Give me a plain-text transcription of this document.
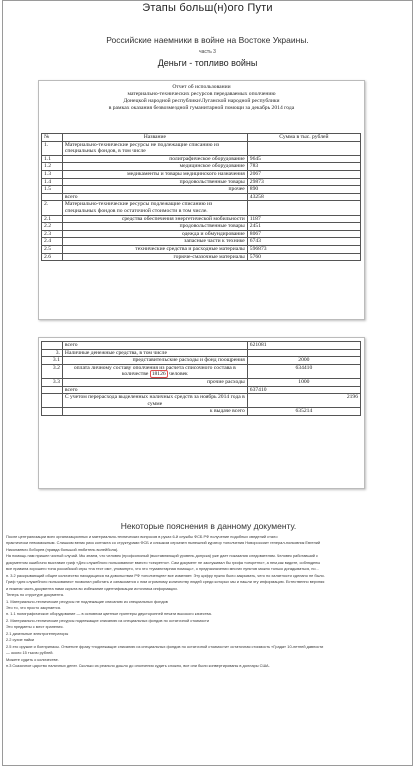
Этапы больш(н)ого Пути
Российские наемники в войне на Востоке Украины.
часть 3
Деньги - топливо войны
Отчет об использовании
материально-технических ресурсов передаваемых ополчению
Донецкой народной республики\Луганской народной республики
в рамках оказания безвозмездной гуманитарной помощи за декабрь 2014 года
№	Название	Сумма в тыс. рублей
1.	Материально-технические ресурсы не подлежащие списанию из специальных фондов, в том числе	
1.1	полиграфическое оборудование	9645
1.2	медицинское оборудование	783
1.3	медикаменты и товары медицинского назначения	2067
1.4	продовольственные товары	29873
1.5	прочее	890
	всего	43258
2.	Материально-технические ресурсы подлежащие списанию из специальных фондов по остаточной стоимости в том числе.	
2.1	средства обеспечения энергетической мобильности	1187
2.2	продовольственные товары	2451
2.3	одежда и обмундирование	8067
2.4	запасные части к технике	6743
2.5	технические средства и расходные материалы	596873
2.6	горюче-смазочные материалы	5760
	всего	621081
3.	Наличные денежные средства, в том числе	
3.1	представительские расходы и фонд поощрения	2000
3.2	оплата личному составу ополчения из расчета списочного состава в количестве 18126 человек	634410
3.3	прочие расходы	1000
	всего	637410
	С учетом перерасхода выделенных наличных средств за ноябрь 2014 года в сумме	2196
	к выдаче всего	635214
Некоторые пояснения в данному документу.

После централизации всех организационных и материально-технических вопросов в руках 6-й службы ФСБ РФ получение подобных сведений стало

практически невозможным. Слишком велик риск контакта со структурами ФСБ и слишком серьезен нынешний куратор «ополчения Новороссии» генерал-полковник Евгений

Николаевич Лоборев (правда большой любитель волейбола).

На помощь нам пришел чистый случай. Мы знаем, что человек (профсоюзный (выставляющий уровень допуска) уже дает показания следователям. Человек работавший с

документом ошибочно выставил гриф «Для служебного пользования» вместо «секретно». Сам документ не заслуживал бы грифа «секретно», а нем,как видите, соблюдены

все правила хорошего тона российской игры «на тест им», упоминуто, что это «гуманитарная помощь», о предназначении многих пунктов можно только догадываться, но...

п. 3.2 раскрывающий общее количество находящихся на довольствии РФ «ополченцев» все изменяет. Эту цифру нужно было закрывать, чего по халатности сделано не было.

Гриф «для служебного пользования» позволил работать и ознакомится с ним огромному количеству людей среди которых мы и нашли эту информацию. Естественно верхняя

и нижняя часть документа нами скрыта во избежание идентификации источника информации.

Теперь по структуре документа.

1. Материально-технические ресурсы не подлежащие списанию из специальных фондов

Это то, что просто закупается.

п. 1.1 полиграфическое оборудование — в основном цветные принтеры двусторонней печати высокого качества.

2. Материально-технические ресурсы подлежащие списанию из специальных фондов по остаточной стоимости

Это предметы с мест хранения.

2.1 дизельные электрогенераторы

2.2 сухие пайки

2.5 это оружие и боеприпасы. Отметьте фразу «подлежащие списанию из специальных фондов по остаточной стоимости» остаточная стоимость «Града» 10-летней давности

— около 15 тысяч рублей.

Можете судить о количестве.

п.3 Сказочное царство наличных денег. Сколько из реально дошло до ополчения судить сложно, все они были конвертированы в доллары США.
